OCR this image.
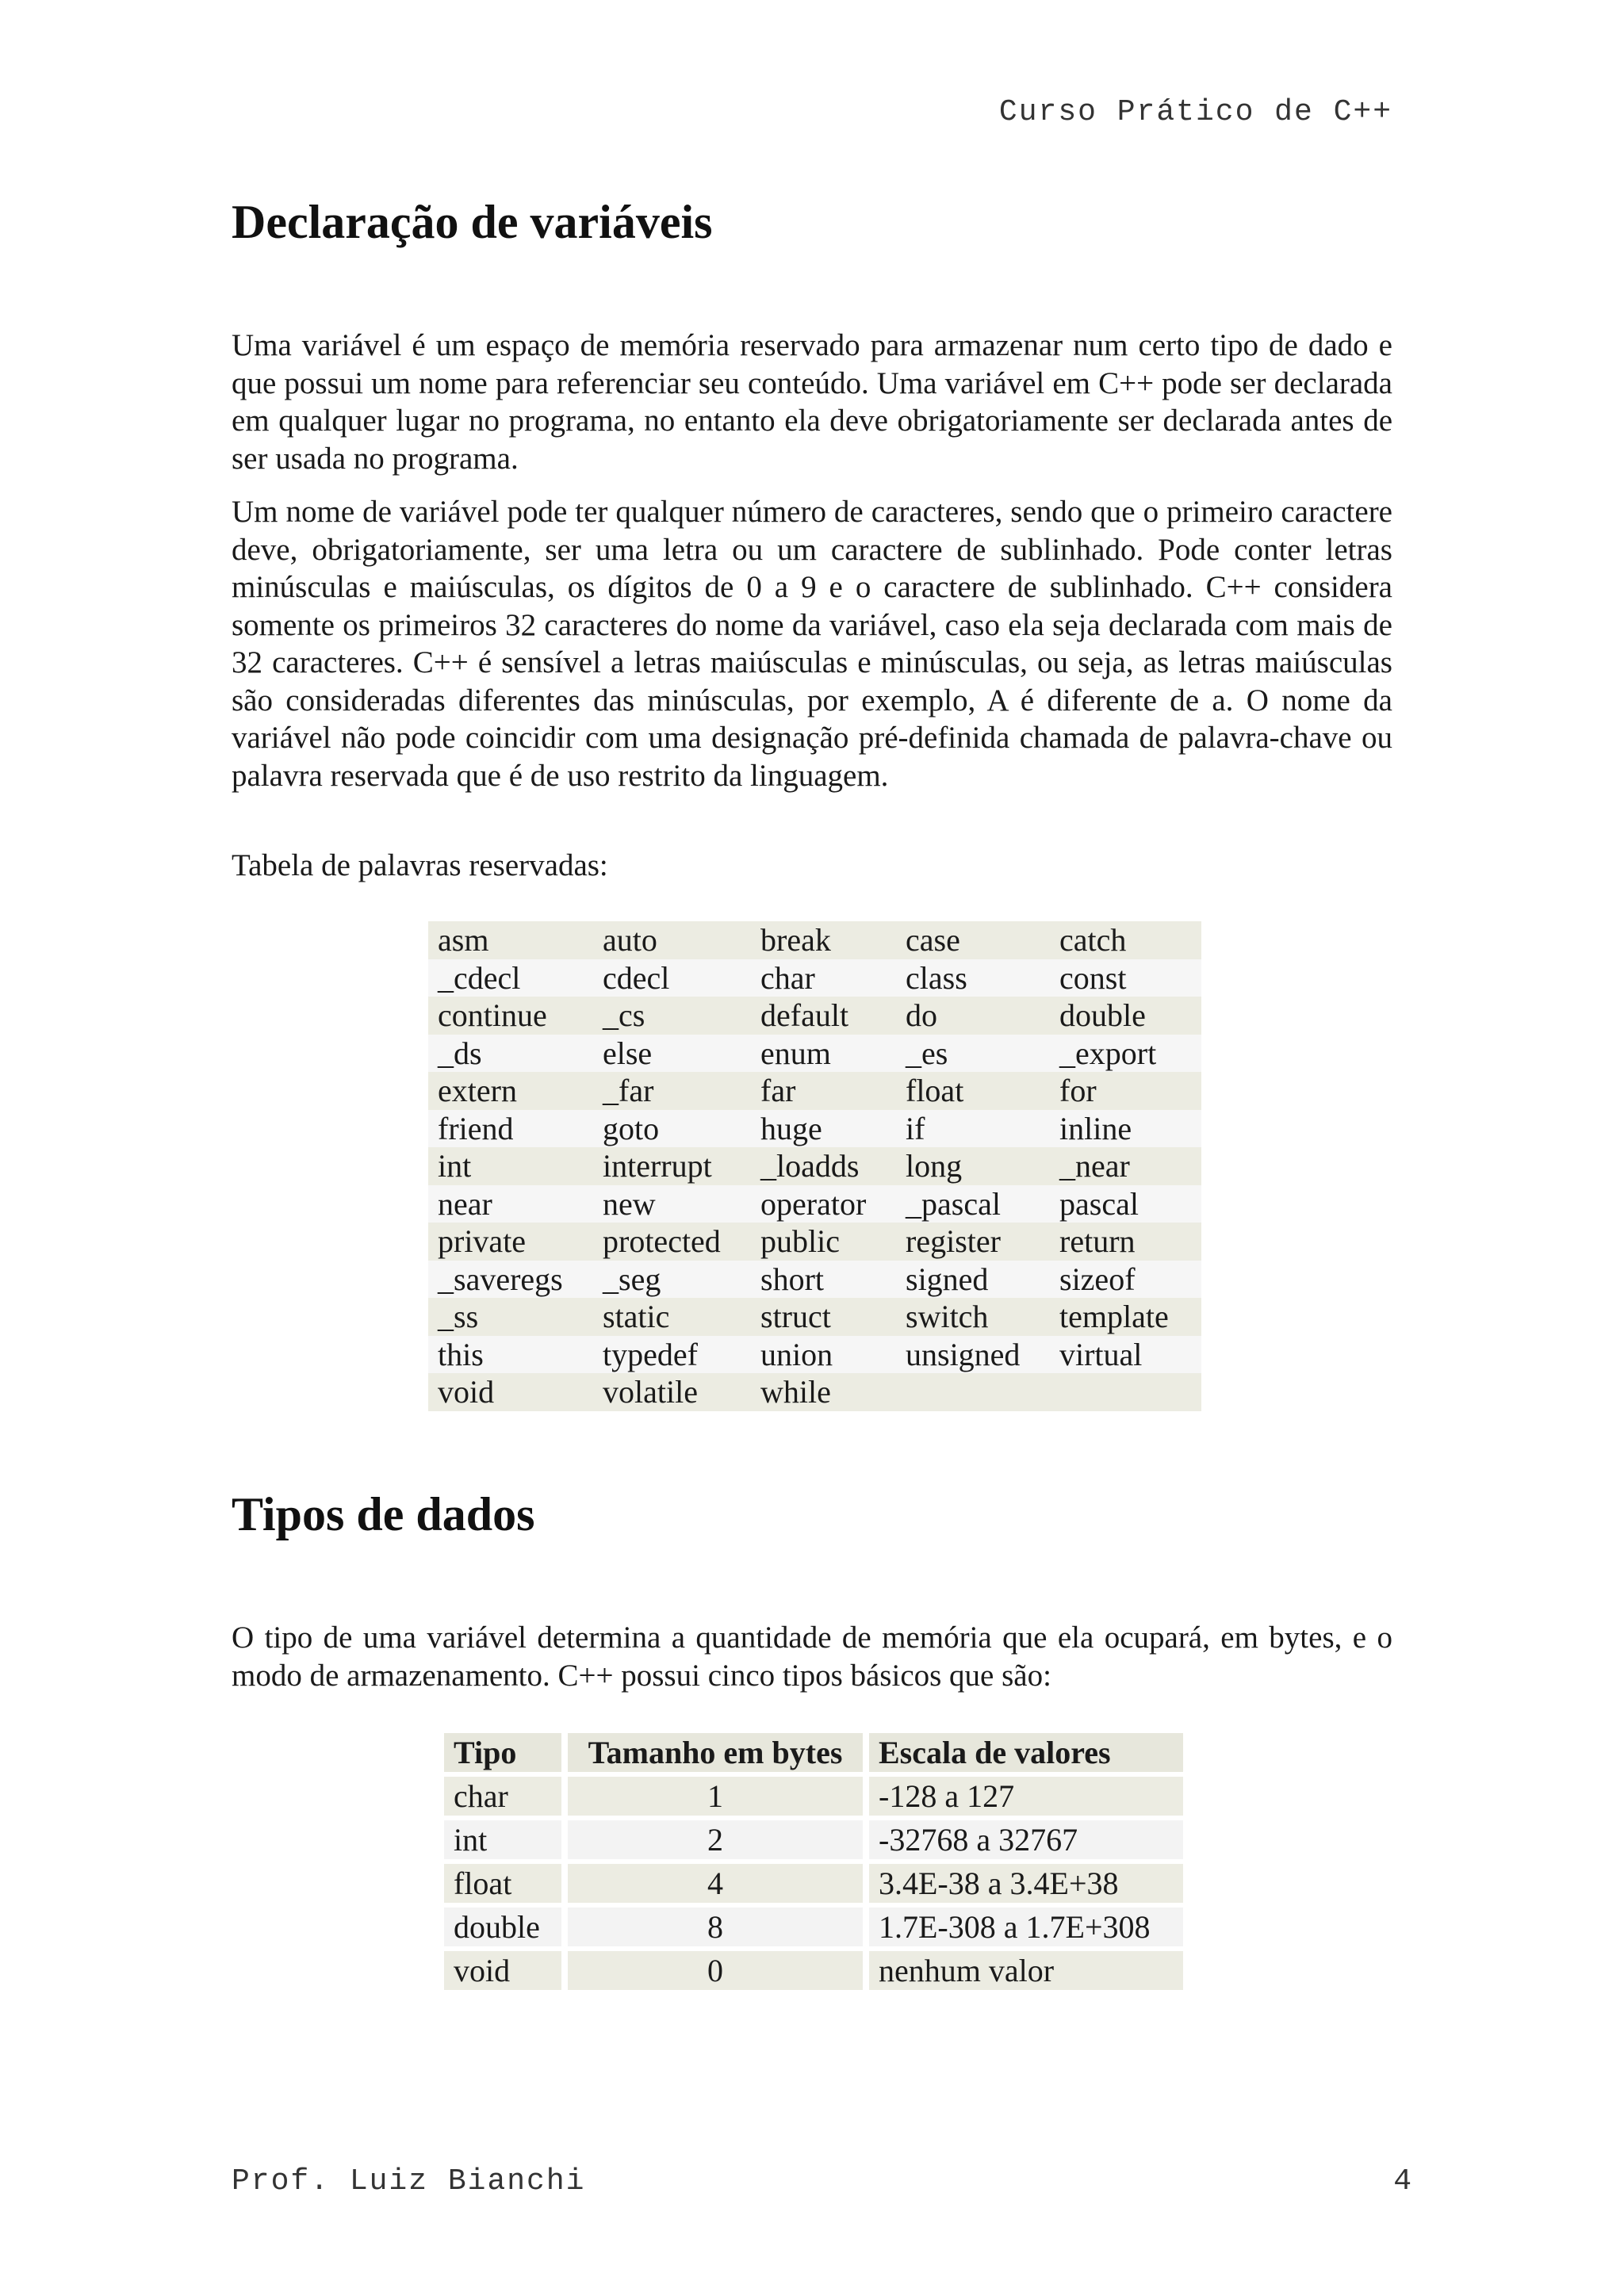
Curso Prático de C++
Declaração de variáveis

Uma variável é um espaço de memória reservado para armazenar num certo tipo de dado e que possui um nome para referenciar seu conteúdo. Uma variável em C++ pode ser declarada em qualquer lugar no programa, no entanto ela deve obrigatoriamente ser declarada antes de ser usada no programa.

Um nome de variável pode ter qualquer número de caracteres, sendo que o primeiro caractere deve, obrigatoriamente, ser uma letra ou um caractere de sublinhado. Pode conter letras minúsculas e maiúsculas, os dígitos de 0 a 9 e o caractere de sublinhado. C++ considera somente os primeiros 32 caracteres do nome da variável, caso ela seja declarada com mais de 32 caracteres. C++ é sensível a letras maiúsculas e minúsculas, ou seja, as letras maiúsculas são consideradas diferentes das minúsculas, por exemplo, A é diferente de a. O nome da variável não pode coincidir com uma designação pré-definida chamada de palavra-chave ou palavra reservada que é de uso restrito da linguagem.

Tabela de palavras reservadas:

asm	auto	break	case	catch
_cdecl	cdecl	char	class	const
continue	_cs	default	do	double
_ds	else	enum	_es	_export
extern	_far	far	float	for
friend	goto	huge	if	inline
int	interrupt	_loadds	long	_near
near	new	operator	_pascal	pascal
private	protected	public	register	return
_saveregs	_seg	short	signed	sizeof
_ss	static	struct	switch	template
this	typedef	union	unsigned	virtual
void	volatile	while		
Tipos de dados

O tipo de uma variável determina a quantidade de memória que ela ocupará, em bytes, e o modo de armazenamento. C++ possui cinco tipos básicos que são:

Tipo	Tamanho em bytes	Escala de valores
char	1	-128 a 127
int	2	-32768 a 32767
float	4	3.4E-38 a 3.4E+38
double	8	1.7E-308 a 1.7E+308
void	0	nenhum valor
Prof. Luiz Bianchi	4
